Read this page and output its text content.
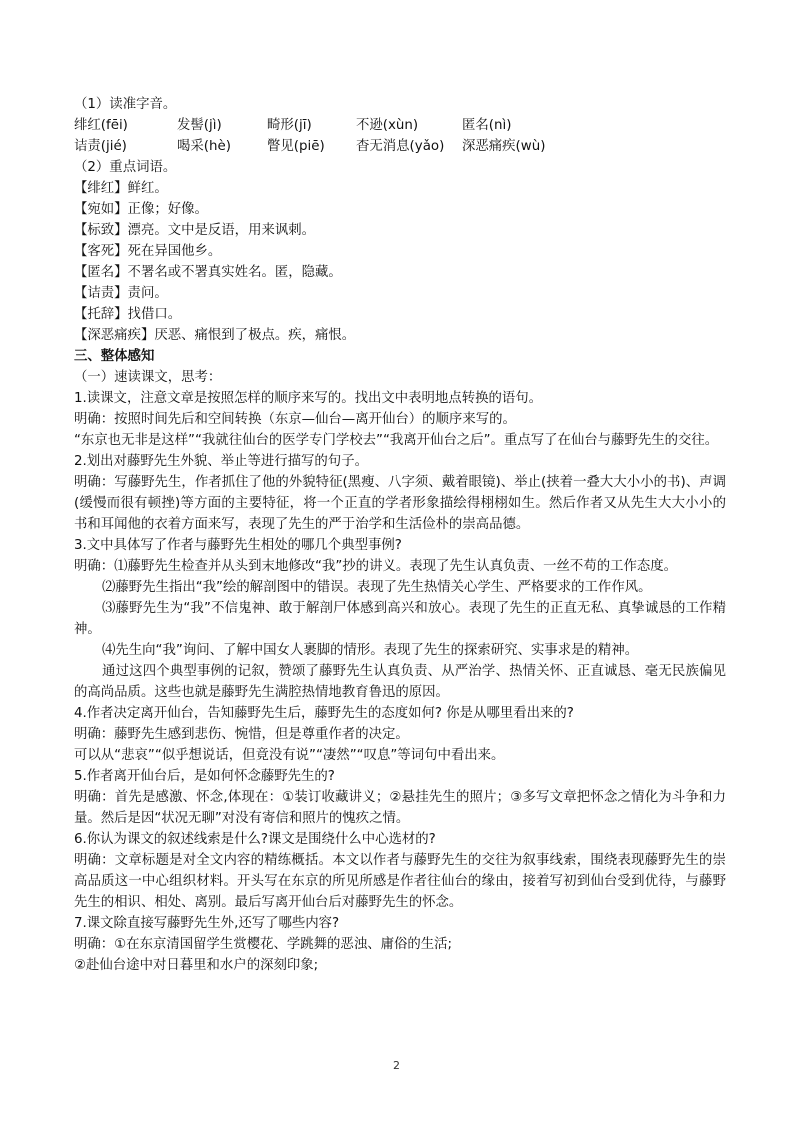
（1）读准字音。
绯红(fēi)	发髻(jì)	畸形(jī)	不逊(xùn)	匿名(nì)
诘责(jié)	喝采(hè)	瞥见(piē)	杳无消息(yǎo)	深恶痛疾(wù)
（2）重点词语。
【绯红】鲜红。
【宛如】正像；好像。
【标致】漂亮。文中是反语，用来讽刺。
【客死】死在异国他乡。
【匿名】不署名或不署真实姓名。匿，隐藏。
【诘责】责问。
【托辞】找借口。
【深恶痛疾】厌恶、痛恨到了极点。疾，痛恨。
三、整体感知
（一）速读课文，思考：
1.读课文，注意文章是按照怎样的顺序来写的。找出文中表明地点转换的语句。
明确：按照时间先后和空间转换（东京—仙台—离开仙台）的顺序来写的。
“东京也无非是这样”“我就往仙台的医学专门学校去”“我离开仙台之后”。重点写了在仙台与藤野先生的交往。
2.划出对藤野先生外貌、举止等进行描写的句子。
明确：写藤野先生，作者抓住了他的外貌特征(黑瘦、八字须、戴着眼镜)、举止(挟着一叠大大小小的书)、声调(缓慢而很有顿挫)等方面的主要特征，将一个正直的学者形象描绘得栩栩如生。然后作者又从先生大大小小的书和耳闻他的衣着方面来写，表现了先生的严于治学和生活俭朴的崇高品德。
3.文中具体写了作者与藤野先生相处的哪几个典型事例?
明确：⑴藤野先生检查并从头到末地修改“我”抄的讲义。表现了先生认真负责、一丝不苟的工作态度。
⑵藤野先生指出“我”绘的解剖图中的错误。表现了先生热情关心学生、严格要求的工作作风。
⑶藤野先生为“我”不信鬼神、敢于解剖尸体感到高兴和放心。表现了先生的正直无私、真挚诚恳的工作精神。
⑷先生向“我”询问、了解中国女人裹脚的情形。表现了先生的探索研究、实事求是的精神。
通过这四个典型事例的记叙，赞颂了藤野先生认真负责、从严治学、热情关怀、正直诚恳、毫无民族偏见的高尚品质。这些也就是藤野先生满腔热情地教育鲁迅的原因。
4.作者决定离开仙台，告知藤野先生后，藤野先生的态度如何? 你是从哪里看出来的?
明确：藤野先生感到悲伤、惋惜，但是尊重作者的决定。
可以从“悲哀”“似乎想说话，但竟没有说”“凄然”“叹息”等词句中看出来。
5.作者离开仙台后，是如何怀念藤野先生的?
明确：首先是感激、怀念,体现在：①装订收藏讲义；②悬挂先生的照片；③多写文章把怀念之情化为斗争和力量。然后是因“状况无聊”对没有寄信和照片的愧疚之情。
6.你认为课文的叙述线索是什么?课文是围绕什么中心选材的?
明确：文章标题是对全文内容的精练概括。本文以作者与藤野先生的交往为叙事线索，围绕表现藤野先生的崇高品质这一中心组织材料。开头写在东京的所见所感是作者往仙台的缘由，接着写初到仙台受到优待，与藤野先生的相识、相处、离别。最后写离开仙台后对藤野先生的怀念。
7.课文除直接写藤野先生外,还写了哪些内容?
明确：①在东京清国留学生赏樱花、学跳舞的恶浊、庸俗的生活;
②赴仙台途中对日暮里和水户的深刻印象;
2
